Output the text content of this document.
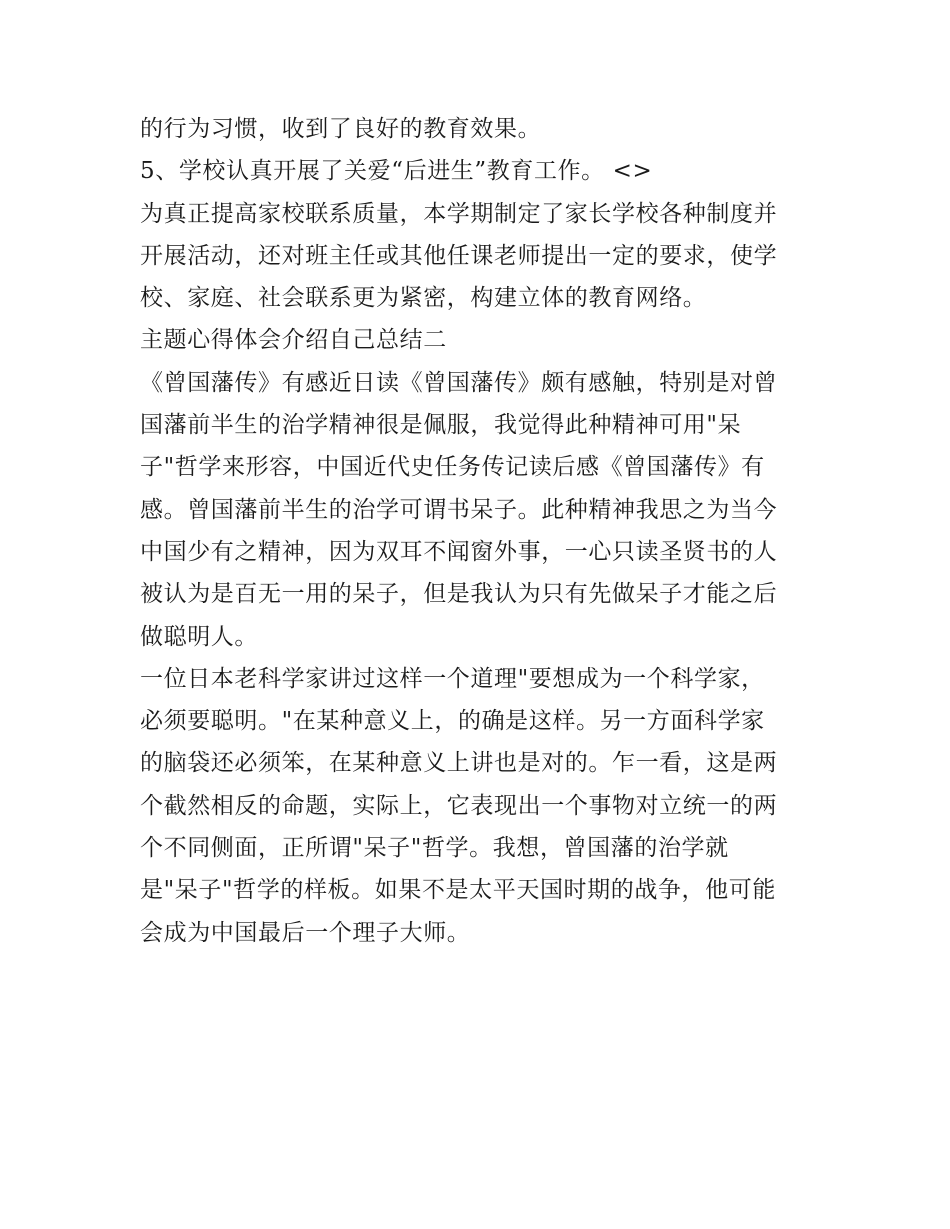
的行为习惯，收到了良好的教育效果。
5、学校认真开展了关爱“后进生”教育工作。 <>
为真正提高家校联系质量，本学期制定了家长学校各种制度并
开展活动，还对班主任或其他任课老师提出一定的要求，使学
校、家庭、社会联系更为紧密，构建立体的教育网络。
主题心得体会介绍自己总结二
《曾国藩传》有感近日读《曾国藩传》颇有感触，特别是对曾
国藩前半生的治学精神很是佩服，我觉得此种精神可用"呆
子"哲学来形容，中国近代史任务传记读后感《曾国藩传》有
感。曾国藩前半生的治学可谓书呆子。此种精神我思之为当今
中国少有之精神，因为双耳不闻窗外事，一心只读圣贤书的人
被认为是百无一用的呆子，但是我认为只有先做呆子才能之后
做聪明人。
一位日本老科学家讲过这样一个道理"要想成为一个科学家，
必须要聪明。"在某种意义上，的确是这样。另一方面科学家
的脑袋还必须笨，在某种意义上讲也是对的。乍一看，这是两
个截然相反的命题，实际上，它表现出一个事物对立统一的两
个不同侧面，正所谓"呆子"哲学。我想，曾国藩的治学就
是"呆子"哲学的样板。如果不是太平天国时期的战争，他可能
会成为中国最后一个理子大师。
